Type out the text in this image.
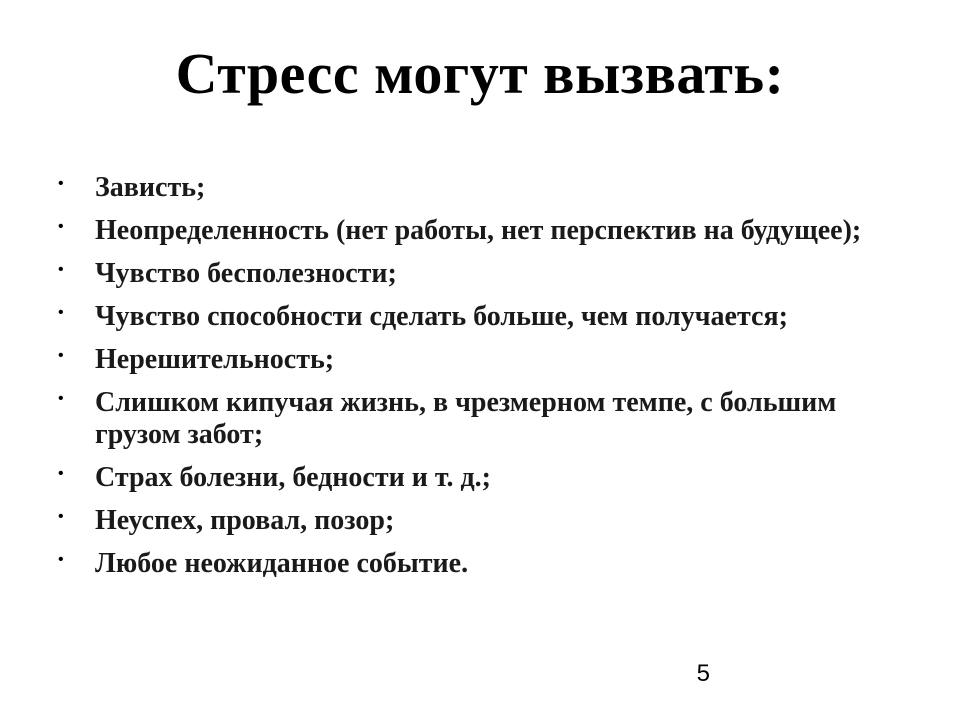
Стресс могут вызвать:
• Зависть;
• Неопределенность (нет работы, нет перспектив на будущее);
• Чувство бесполезности;
• Чувство способности сделать больше, чем получается;
• Нерешительность;
• Слишком кипучая жизнь, в чрезмерном темпе, с большим грузом забот;
• Страх болезни, бедности и т. д.;
• Неуспех, провал, позор;
• Любое неожиданное событие.
5
